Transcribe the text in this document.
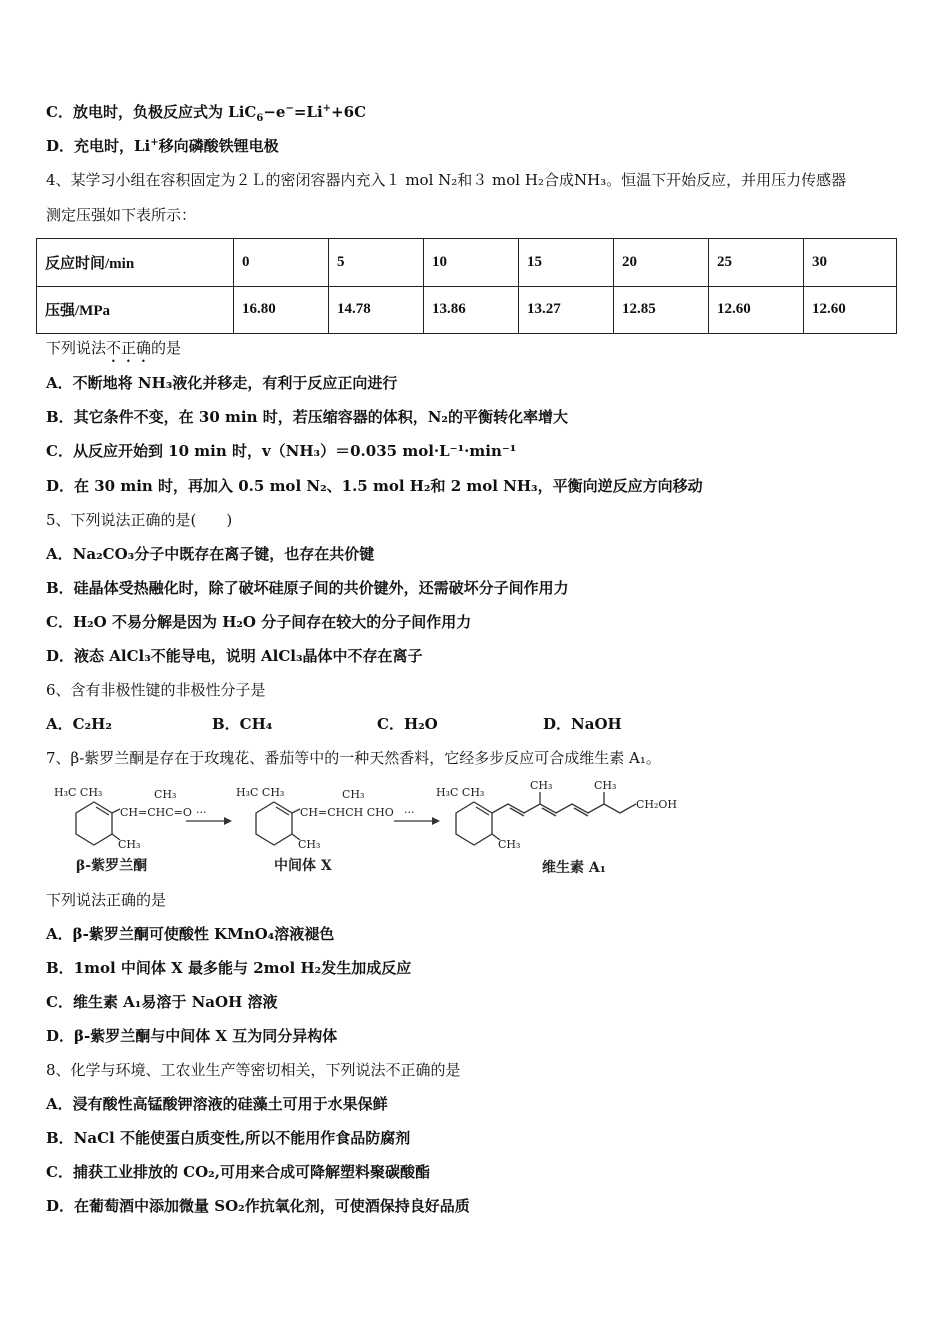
C．放电时，负极反应式为 LiC$_6$−e−=Li++6C
D．充电时，Li+移向磷酸铁锂电极
4、某学习小组在容积固定为２Ｌ的密闭容器内充入１ mol N₂和３ mol H₂合成NH₃。恒温下开始反应，并用压力传感器
测定压强如下表所示：
反应时间/min	0	5	10	15	20	25	30
压强/MPa	16.80	14.78	13.86	13.27	12.85	12.60	12.60
下列说法不正确的是
A．不断地将 NH₃液化并移走，有利于反应正向进行
B．其它条件不变，在 30 min 时，若压缩容器的体积，N₂的平衡转化率增大
C．从反应开始到 10 min 时，v（NH₃）＝0.035 mol·L⁻¹·min⁻¹
D．在 30 min 时，再加入 0.5 mol N₂、1.5 mol H₂和 2 mol NH₃，平衡向逆反应方向移动
5、下列说法正确的是(　　)
A．Na₂CO₃分子中既存在离子键，也存在共价键
B．硅晶体受热融化时，除了破坏硅原子间的共价键外，还需破坏分子间作用力
C．H₂O 不易分解是因为 H₂O 分子间存在较大的分子间作用力
D．液态 AlCl₃不能导电，说明 AlCl₃晶体中不存在离子
6、含有非极性键的非极性分子是
A．C₂H₂	B．CH₄	C．H₂O	D．NaOH
7、β-紫罗兰酮是存在于玫瑰花、番茄等中的一种天然香料，它经多步反应可合成维生素 A₁。
H₃C CH₃
CH=CHC=O
CH₃
CH₃
···
H₃C CH₃
CH=CHCH CHO
CH₃
CH₃
···
H₃C CH₃
CH₃	CH₃
CH₂OH
CH₃
β-紫罗兰酮	中间体 X	维生素 A₁
下列说法正确的是
A．β-紫罗兰酮可使酸性 KMnO₄溶液褪色
B．1mol 中间体 X 最多能与 2mol H₂发生加成反应
C．维生素 A₁易溶于 NaOH 溶液
D．β-紫罗兰酮与中间体 X 互为同分异构体
8、化学与环境、工农业生产等密切相关，下列说法不正确的是
A．浸有酸性高锰酸钾溶液的硅藻土可用于水果保鲜
B．NaCl 不能使蛋白质变性,所以不能用作食品防腐剂
C．捕获工业排放的 CO₂,可用来合成可降解塑料聚碳酸酯
D．在葡萄酒中添加微量 SO₂作抗氧化剂，可使酒保持良好品质
